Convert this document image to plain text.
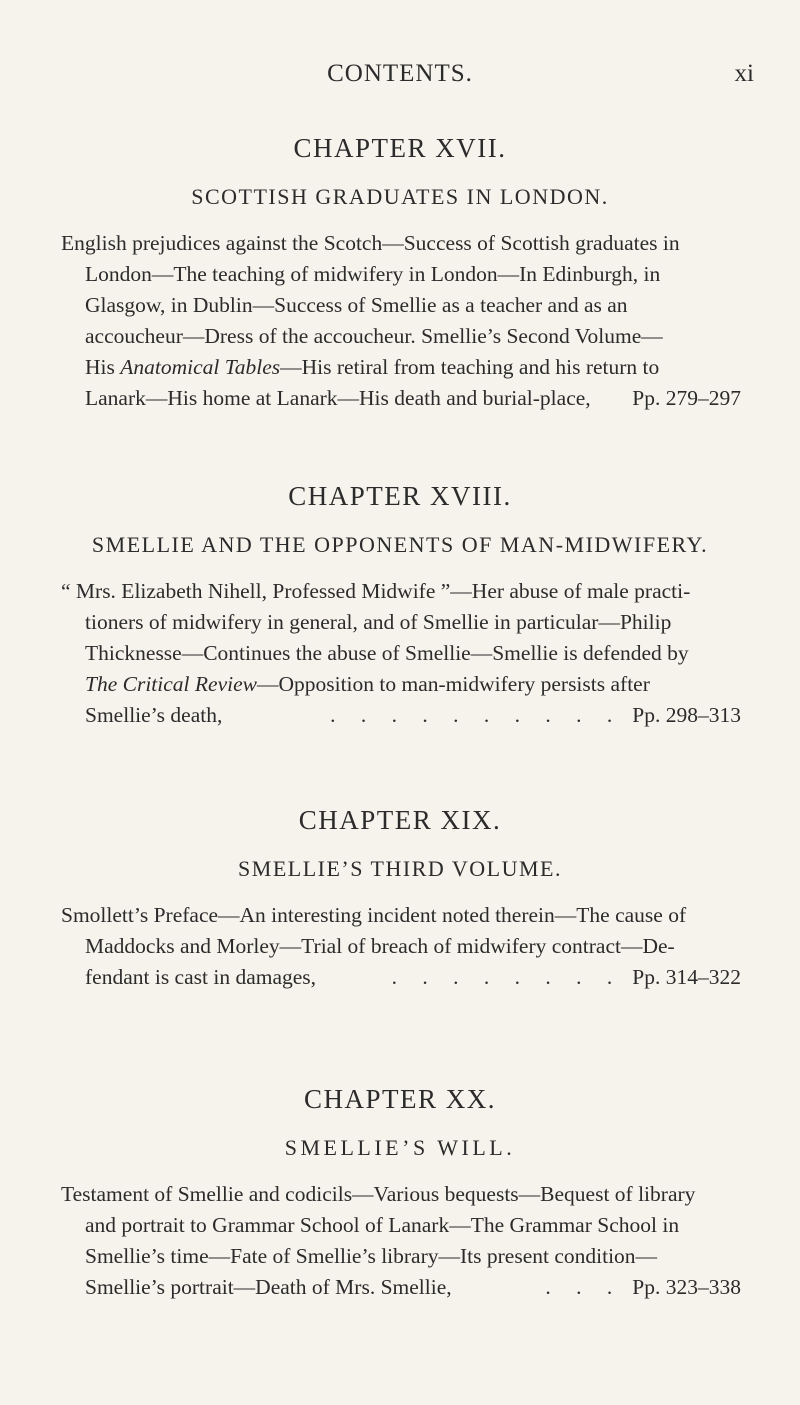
CONTENTS.	xi
CHAPTER XVII.
SCOTTISH GRADUATES IN LONDON.
English prejudices against the Scotch—Success of Scottish graduates in
London—The teaching of midwifery in London—In Edinburgh, in
Glasgow, in Dublin—Success of Smellie as a teacher and as an
accoucheur—Dress of the accoucheur. Smellie’s Second Volume—
His Anatomical Tables—His retiral from teaching and his return to
Lanark—His home at Lanark—His death and burial-place, Pp. 279–297
CHAPTER XVIII.
SMELLIE AND THE OPPONENTS OF MAN-MIDWIFERY.
“ Mrs. Elizabeth Nihell, Professed Midwife ”—Her abuse of male practi-
tioners of midwifery in general, and of Smellie in particular—Philip
Thicknesse—Continues the abuse of Smellie—Smellie is defended by
The Critical Review—Opposition to man-midwifery persists after
Smellie’s death,	. . . . . . . . . . Pp. 298–313
CHAPTER XIX.
SMELLIE’S THIRD VOLUME.
Smollett’s Preface—An interesting incident noted therein—The cause of
Maddocks and Morley—Trial of breach of midwifery contract—De-
fendant is cast in damages,	. . . . . . . . Pp. 314–322
CHAPTER XX.
SMELLIE’S WILL.
Testament of Smellie and codicils—Various bequests—Bequest of library
and portrait to Grammar School of Lanark—The Grammar School in
Smellie’s time—Fate of Smellie’s library—Its present condition—
Smellie’s portrait—Death of Mrs. Smellie,	. . . Pp. 323–338
